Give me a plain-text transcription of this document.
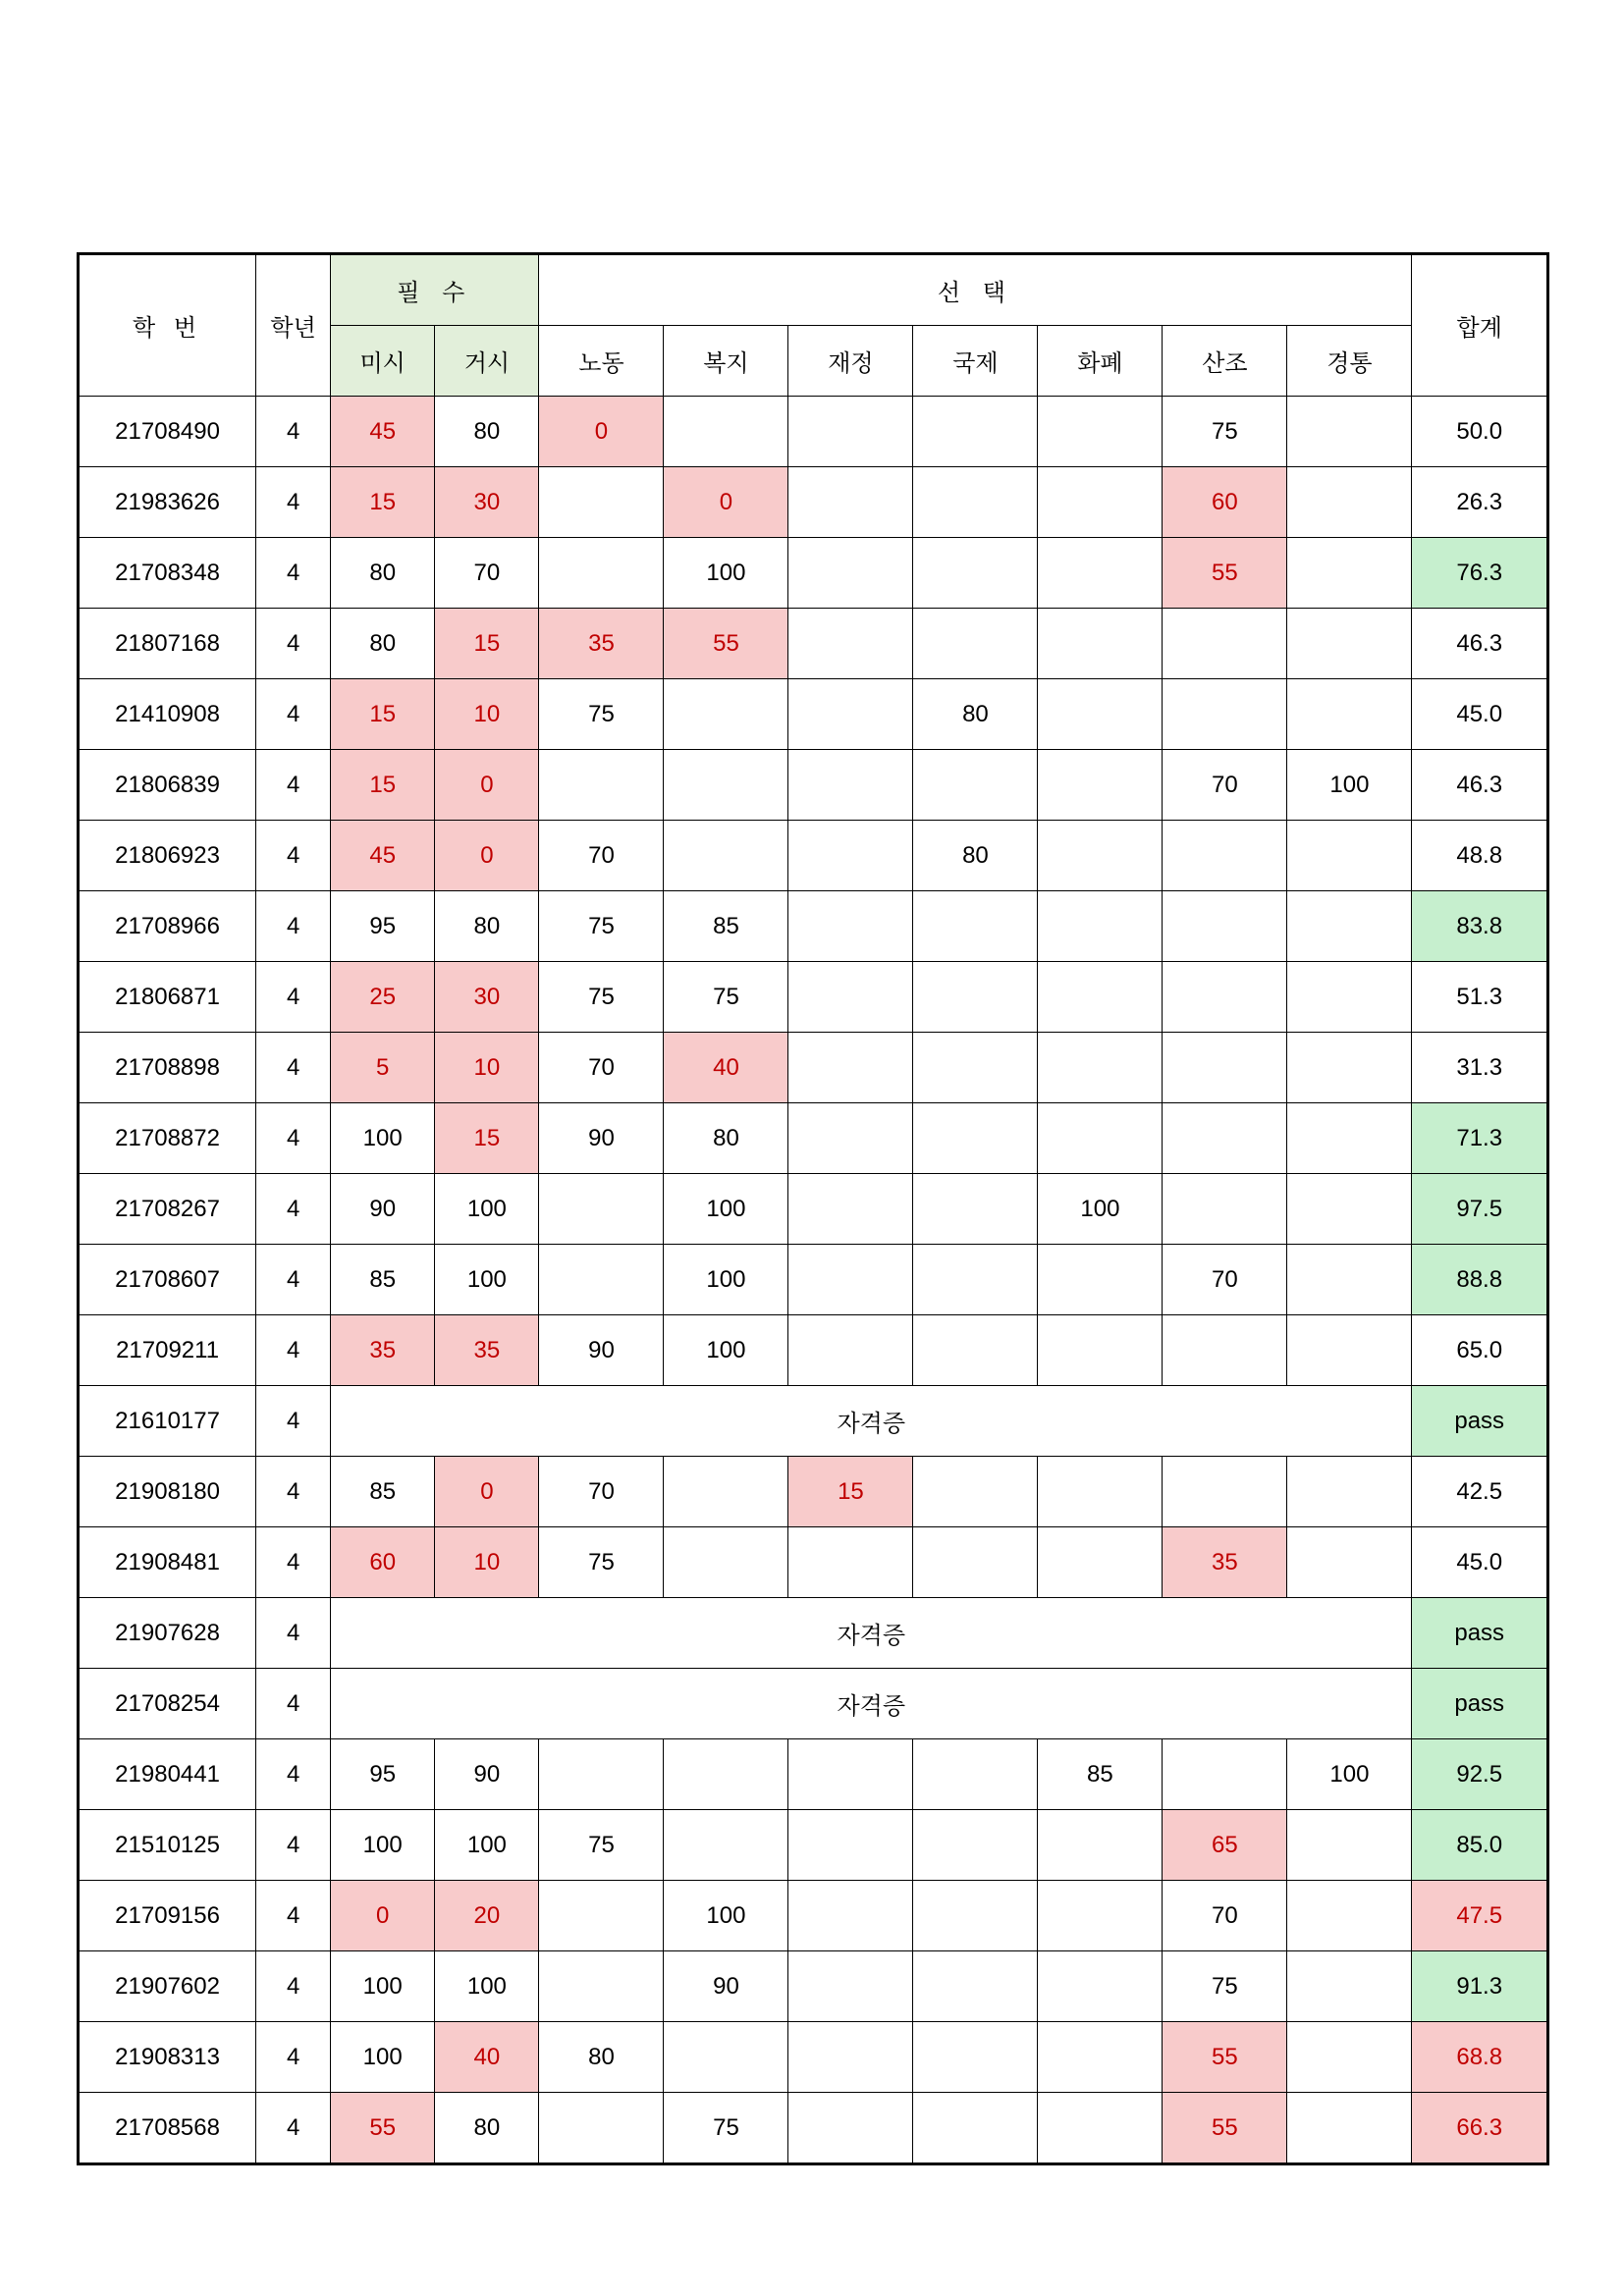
학 번	학년	필 수		선 택							합계
		미시	거시	노동	복지	재정	국제	화폐	산조	경통	
21708490	4	45	80	0					75		50.0
21983626	4	15	30		0				60		26.3
21708348	4	80	70		100				55		76.3
21807168	4	80	15	35	55						46.3
21410908	4	15	10	75			80				45.0
21806839	4	15	0						70	100	46.3
21806923	4	45	0	70			80				48.8
21708966	4	95	80	75	85						83.8
21806871	4	25	30	75	75						51.3
21708898	4	5	10	70	40						31.3
21708872	4	100	15	90	80						71.3
21708267	4	90	100		100			100			97.5
21708607	4	85	100		100				70		88.8
21709211	4	35	35	90	100						65.0
21610177	4	자격증									pass
21908180	4	85	0	70		15					42.5
21908481	4	60	10	75					35		45.0
21907628	4	자격증									pass
21708254	4	자격증									pass
21980441	4	95	90					85		100	92.5
21510125	4	100	100	75					65		85.0
21709156	4	0	20		100				70		47.5
21907602	4	100	100		90				75		91.3
21908313	4	100	40	80					55		68.8
21708568	4	55	80		75				55		66.3
